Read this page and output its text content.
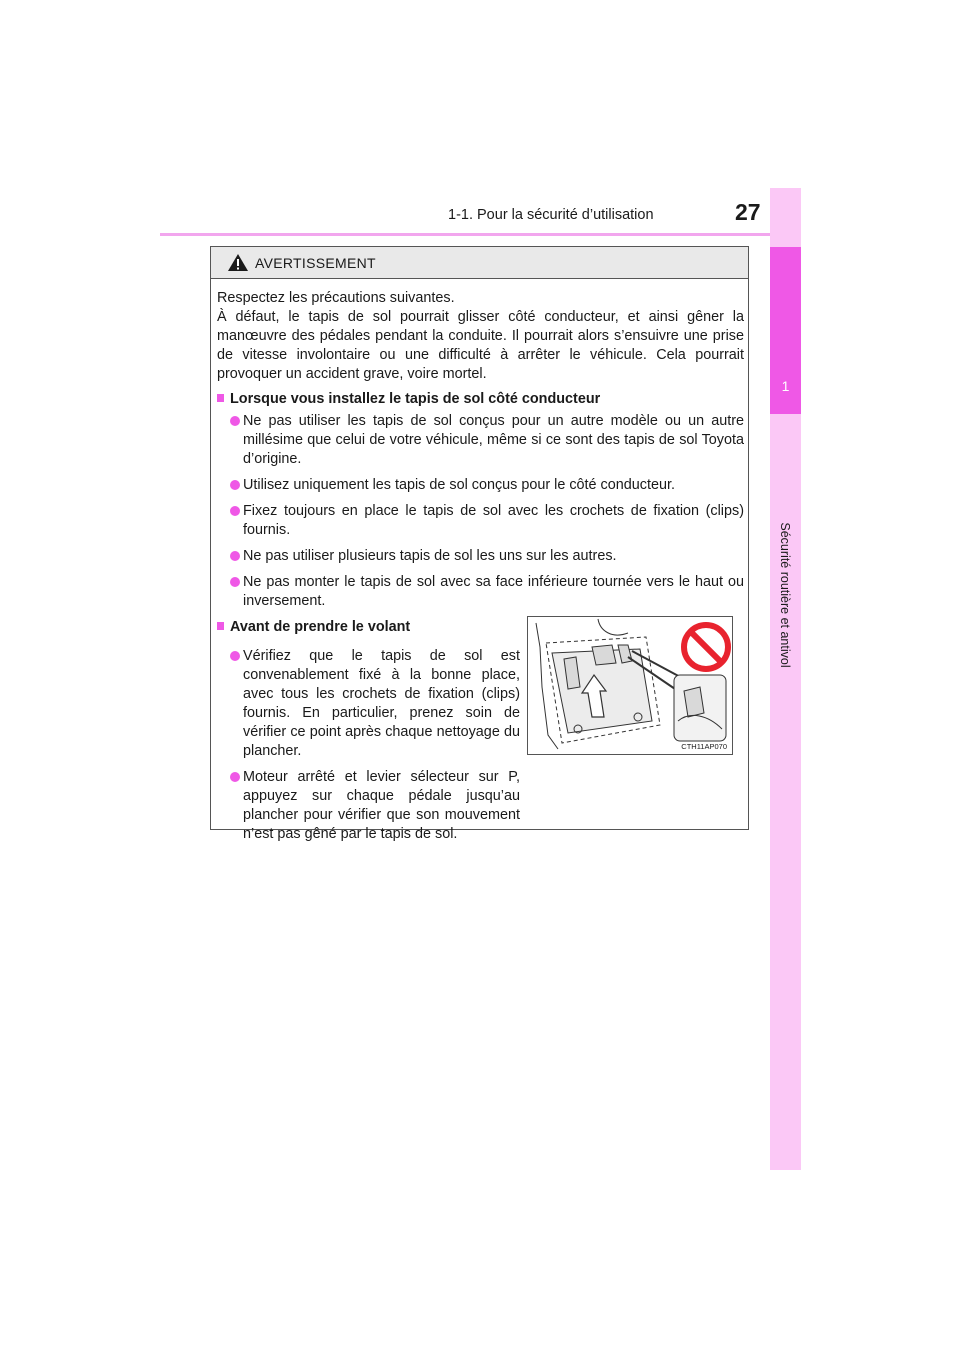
1-1. Pour la sécurité d’utilisation	27
1
Sécurité routière et antivol
AVERTISSEMENT
Respectez les précautions suivantes.
À défaut, le tapis de sol pourrait glisser côté conducteur, et ainsi gêner la manœuvre des pédales pendant la conduite. Il pourrait alors s’ensuivre une prise de vitesse involontaire ou une difficulté à arrêter le véhicule. Cela pourrait provoquer un accident grave, voire mortel.
Lorsque vous installez le tapis de sol côté conducteur
Ne pas utiliser les tapis de sol conçus pour un autre modèle ou un autre millésime que celui de votre véhicule, même si ce sont des tapis de sol Toyota d’origine.
Utilisez uniquement les tapis de sol conçus pour le côté conducteur.
Fixez toujours en place le tapis de sol avec les crochets de fixation (clips) fournis.
Ne pas utiliser plusieurs tapis de sol les uns sur les autres.
Ne pas monter le tapis de sol avec sa face inférieure tournée vers le haut ou inversement.
Avant de prendre le volant
Vérifiez que le tapis de sol est convenablement fixé à la bonne place, avec tous les crochets de fixation (clips) fournis. En particulier, prenez soin de vérifier ce point après chaque nettoyage du plancher.
Moteur arrêté et levier sélecteur sur P, appuyez sur chaque pédale jusqu’au plancher pour vérifier que son mouvement n’est pas gêné par le tapis de sol.
CTH11AP070
